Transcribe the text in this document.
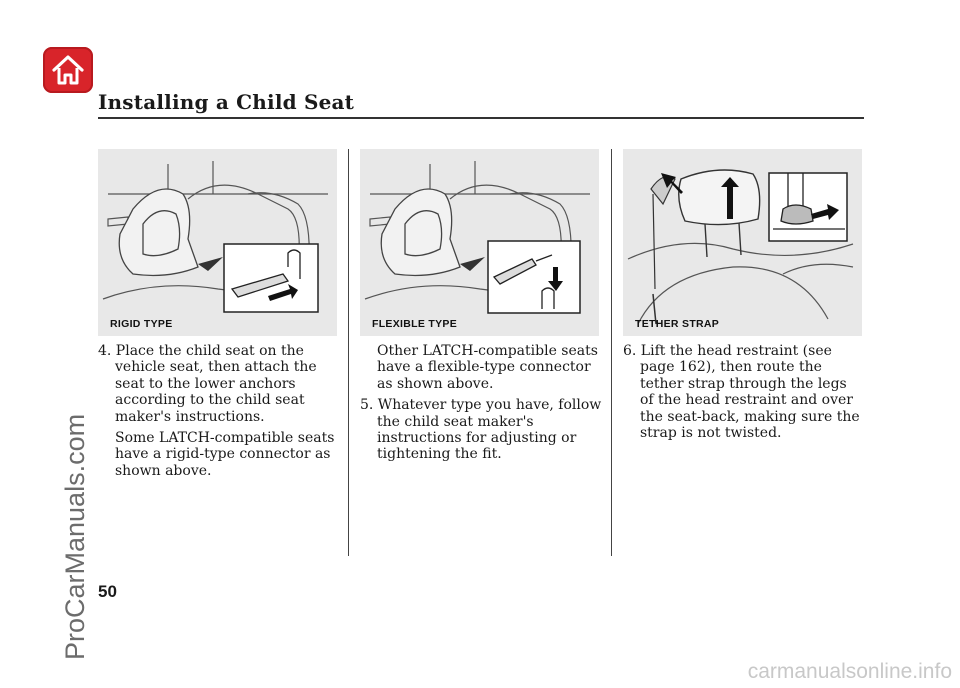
Installing a Child Seat
RIGID TYPE	FLEXIBLE TYPE	TETHER STRAP

4. Place the child seat on the vehicle seat, then attach the seat to the lower anchors according to the child seat maker's instructions.

Some LATCH-compatible seats have a rigid-type connector as shown above.

Other LATCH-compatible seats have a flexible-type connector as shown above.

5. Whatever type you have, follow the child seat maker's instructions for adjusting or tightening the fit.

6. Lift the head restraint (see page 162), then route the tether strap through the legs of the head restraint and over the seat-back, making sure the strap is not twisted.

50
ProCarManuals.com
carmanualsonline.info
